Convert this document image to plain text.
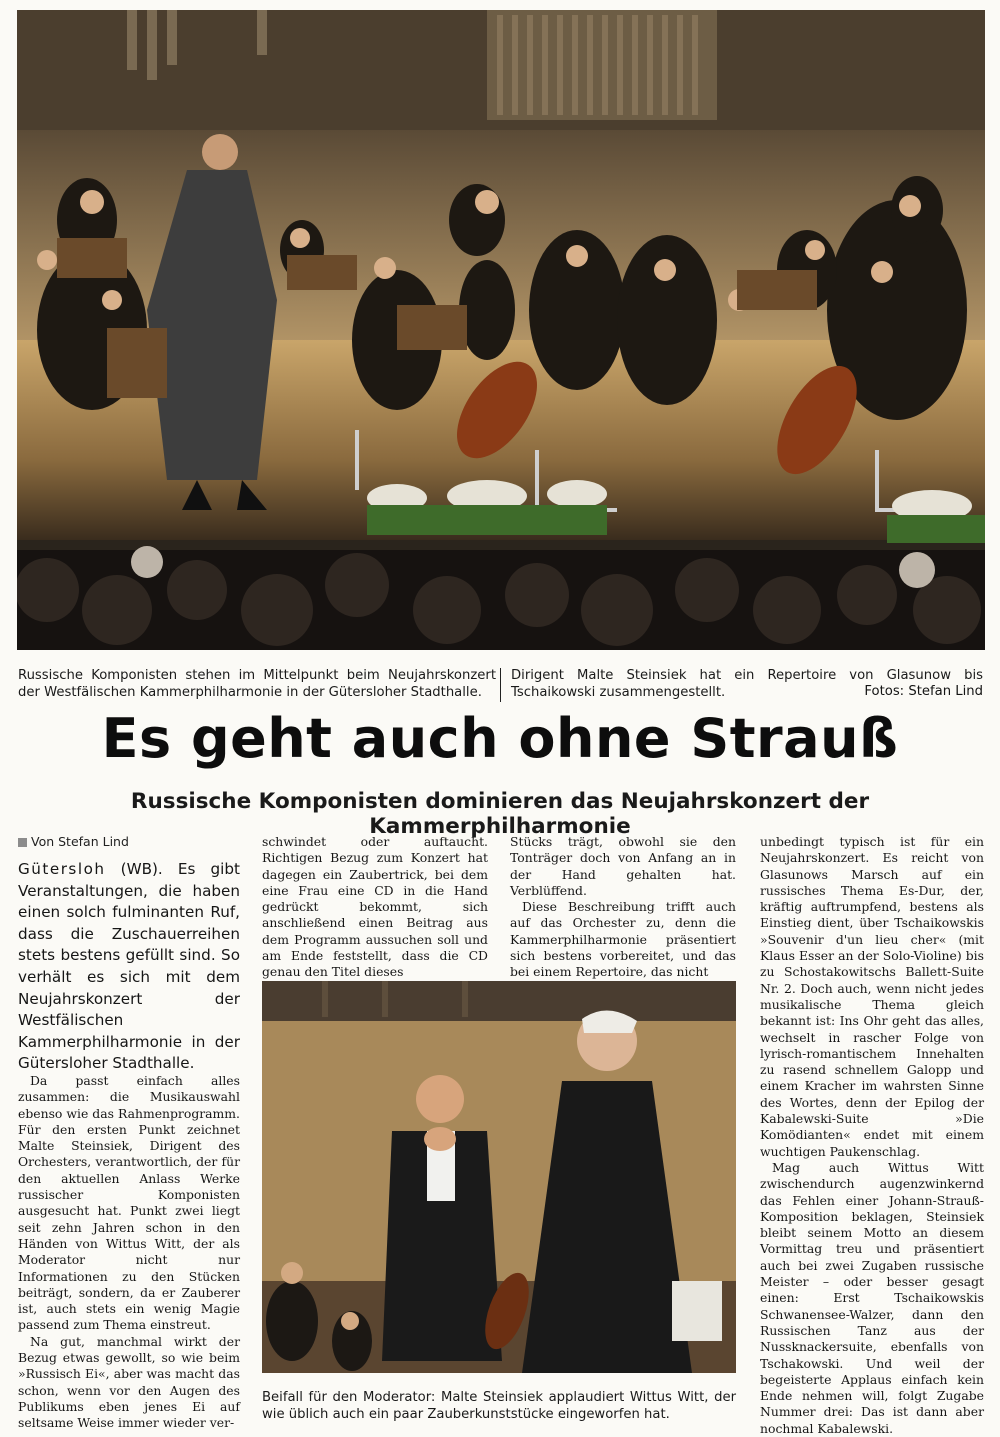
Russische Komponisten stehen im Mittelpunkt beim Neujahrskonzert der Westfälischen Kammerphilharmonie in der Gütersloher Stadthalle.
Dirigent Malte Steinsiek hat ein Repertoire von Glasunow bis Tschaikowski zusammengestellt.	Fotos: Stefan Lind
Es geht auch ohne Strauß
Russische Komponisten dominieren das Neujahrskonzert der Kammerphilharmonie
Von Stefan Lind

Gütersloh (WB). Es gibt Veranstaltungen, die haben einen solch fulminanten Ruf, dass die Zuschauerreihen stets bestens gefüllt sind. So verhält es sich mit dem Neujahrskonzert der Westfälischen Kammerphilharmonie in der Gütersloher Stadthalle.

Da passt einfach alles zusammen: die Musikauswahl ebenso wie das Rahmenprogramm. Für den ersten Punkt zeichnet Malte Steinsiek, Dirigent des Orchesters, verantwortlich, der für den aktuellen Anlass Werke russischer Komponisten ausgesucht hat. Punkt zwei liegt seit zehn Jahren schon in den Händen von Wittus Witt, der als Moderator nicht nur Informationen zu den Stücken beiträgt, sondern, da er Zauberer ist, auch stets ein wenig Magie passend zum Thema einstreut.

Na gut, manchmal wirkt der Bezug etwas gewollt, so wie beim »Russisch Ei«, aber was macht das schon, wenn vor den Augen des Publikums eben jenes Ei auf seltsame Weise immer wieder ver-

schwindet oder auftaucht. Richtigen Bezug zum Konzert hat dagegen ein Zaubertrick, bei dem eine Frau eine CD in die Hand gedrückt bekommt, sich anschließend einen Beitrag aus dem Programm aussuchen soll und am Ende feststellt, dass die CD genau den Titel dieses

Stücks trägt, obwohl sie den Tonträger doch von Anfang an in der Hand gehalten hat. Verblüffend.

Diese Beschreibung trifft auch auf das Orchester zu, denn die Kammerphilharmonie präsentiert sich bestens vorbereitet, und das bei einem Repertoire, das nicht

Beifall für den Moderator: Malte Steinsiek applaudiert Wittus Witt, der wie üblich auch ein paar Zauberkunststücke eingeworfen hat.

unbedingt typisch ist für ein Neujahrskonzert. Es reicht von Glasunows Marsch auf ein russisches Thema Es-Dur, der, kräftig auftrumpfend, bestens als Einstieg dient, über Tschaikowskis »Souvenir d'un lieu cher« (mit Klaus Esser an der Solo-Violine) bis zu Schostakowitschs Ballett-Suite Nr. 2. Doch auch, wenn nicht jedes musikalische Thema gleich bekannt ist: Ins Ohr geht das alles, wechselt in rascher Folge von lyrisch-romantischem Innehalten zu rasend schnellem Galopp und einem Kracher im wahrsten Sinne des Wortes, denn der Epilog der Kabalewski-Suite »Die Komödianten« endet mit einem wuchtigen Paukenschlag.

Mag auch Wittus Witt zwischendurch augenzwinkernd das Fehlen einer Johann-Strauß-Komposition beklagen, Steinsiek bleibt seinem Motto an diesem Vormittag treu und präsentiert auch bei zwei Zugaben russische Meister – oder besser gesagt einen: Erst Tschaikowskis Schwanensee-Walzer, dann den Russischen Tanz aus der Nussknackersuite, ebenfalls von Tschakowski. Und weil der begeisterte Applaus einfach kein Ende nehmen will, folgt Zugabe Nummer drei: Das ist dann aber nochmal Kabalewski.
